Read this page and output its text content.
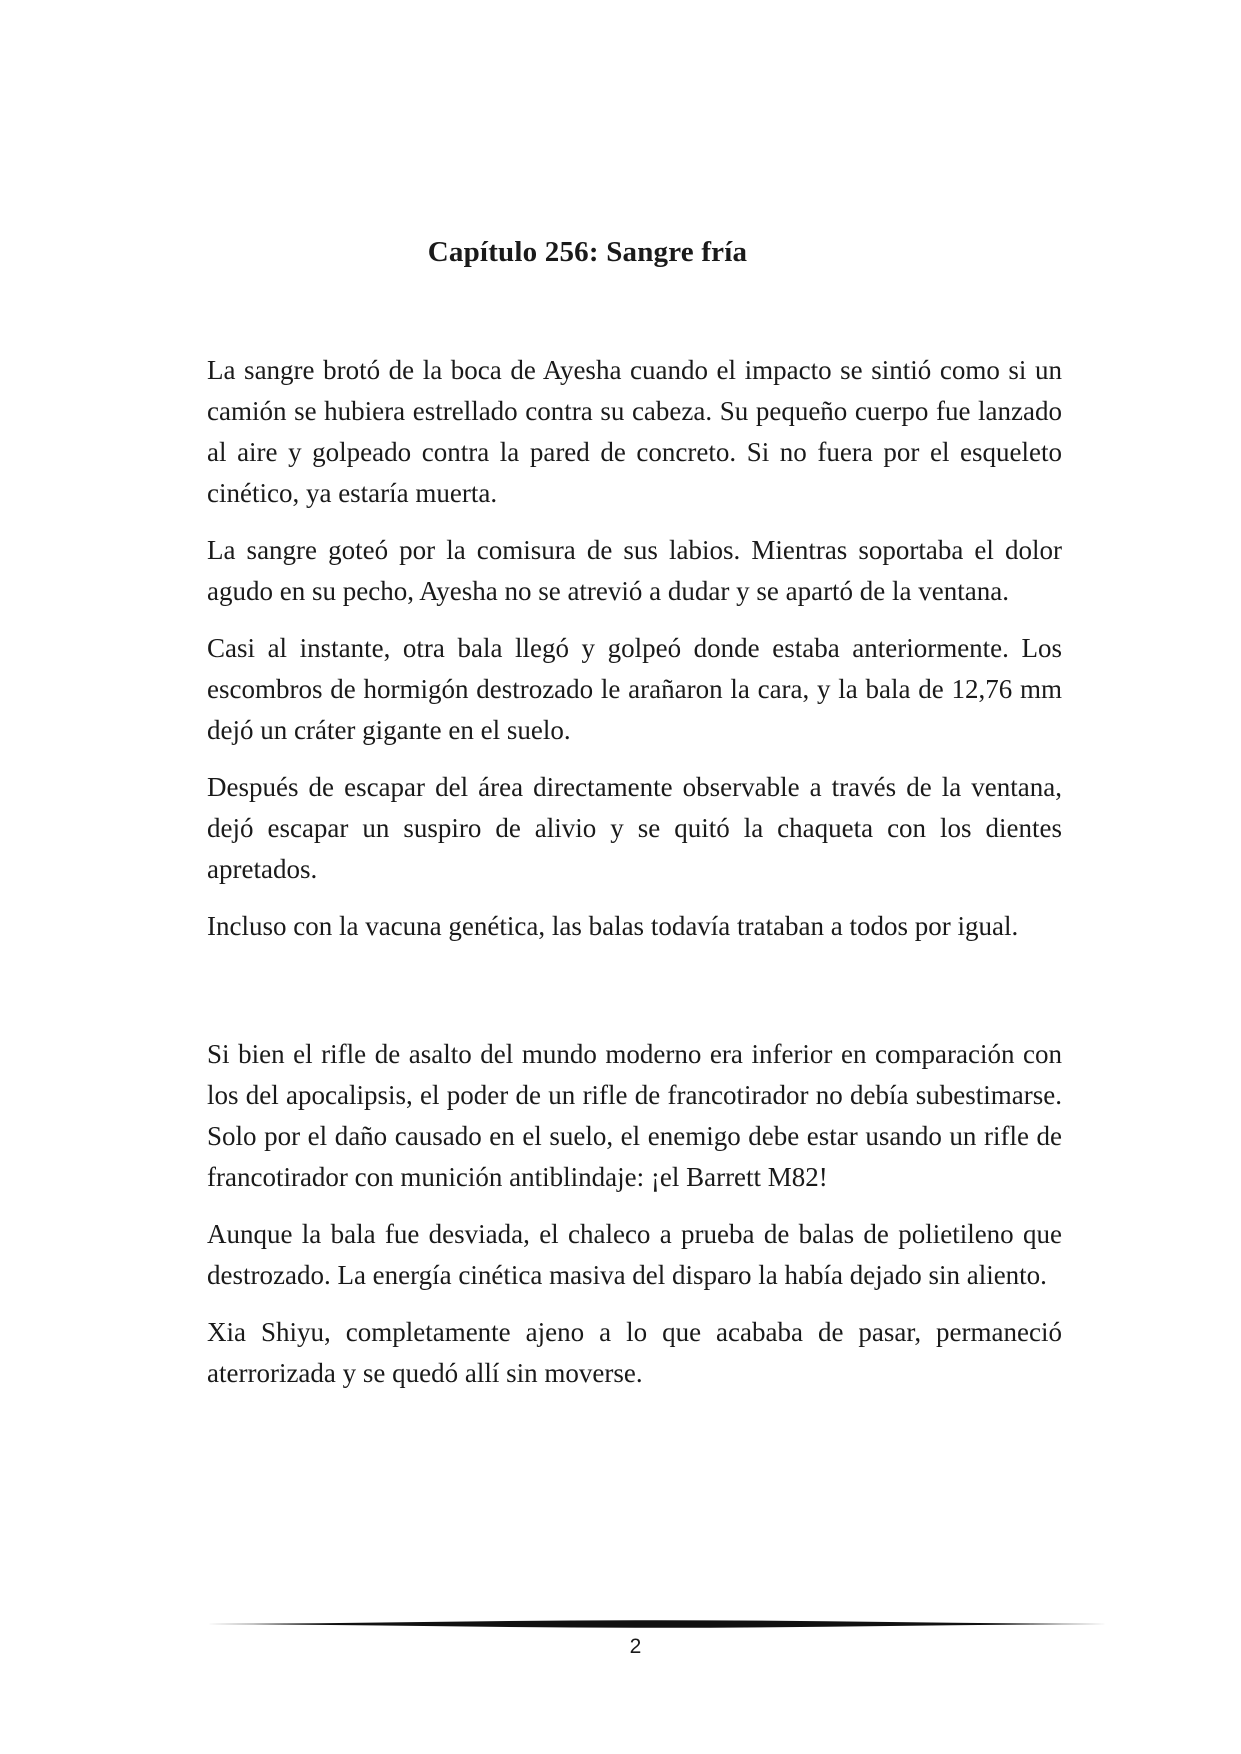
Capítulo 256: Sangre fría

La sangre brotó de la boca de Ayesha cuando el impacto se sintió como si un camión se hubiera estrellado contra su cabeza. Su pequeño cuerpo fue lanzado al aire y golpeado contra la pared de concreto. Si no fuera por el esqueleto cinético, ya estaría muerta.

La sangre goteó por la comisura de sus labios. Mientras soportaba el dolor agudo en su pecho, Ayesha no se atrevió a dudar y se apartó de la ventana.

Casi al instante, otra bala llegó y golpeó donde estaba anteriormente. Los escombros de hormigón destrozado le arañaron la cara, y la bala de 12,76 mm dejó un cráter gigante en el suelo.

Después de escapar del área directamente observable a través de la ventana, dejó escapar un suspiro de alivio y se quitó la chaqueta con los dientes apretados.

Incluso con la vacuna genética, las balas todavía trataban a todos por igual.

Si bien el rifle de asalto del mundo moderno era inferior en comparación con los del apocalipsis, el poder de un rifle de francotirador no debía subestimarse. Solo por el daño causado en el suelo, el enemigo debe estar usando un rifle de francotirador con munición antiblindaje: ¡el Barrett M82!

Aunque la bala fue desviada, el chaleco a prueba de balas de polietileno que destrozado. La energía cinética masiva del disparo la había dejado sin aliento.

Xia Shiyu, completamente ajeno a lo que acababa de pasar, permaneció aterrorizada y se quedó allí sin moverse.

2
